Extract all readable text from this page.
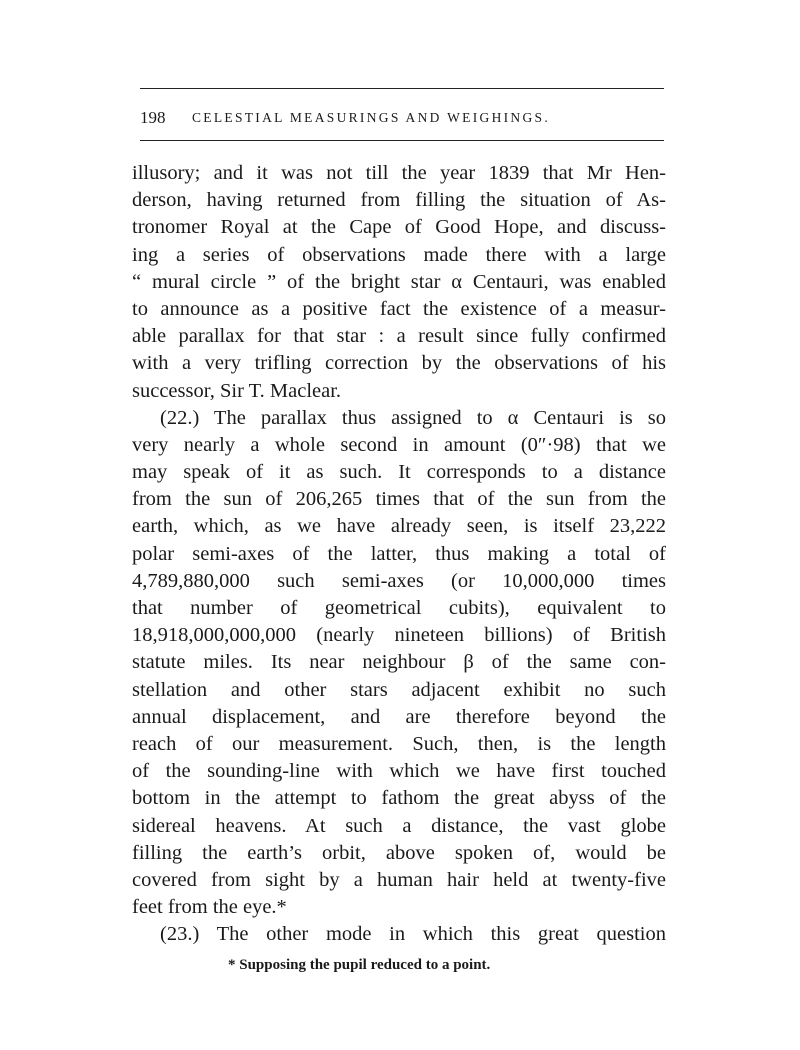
198 CELESTIAL MEASURINGS AND WEIGHINGS.
illusory; and it was not till the year 1839 that Mr Hen-
derson, having returned from filling the situation of As-
tronomer Royal at the Cape of Good Hope, and discuss-
ing a series of observations made there with a large
“ mural circle ” of the bright star α Centauri, was enabled
to announce as a positive fact the existence of a measur-
able parallax for that star : a result since fully confirmed
with a very trifling correction by the observations of his
successor, Sir T. Maclear.
(22.) The parallax thus assigned to α Centauri is so
very nearly a whole second in amount (0″·98) that we
may speak of it as such. It corresponds to a distance
from the sun of 206,265 times that of the sun from the
earth, which, as we have already seen, is itself 23,222
polar semi-axes of the latter, thus making a total of
4,789,880,000 such semi-axes (or 10,000,000 times
that number of geometrical cubits), equivalent to
18,918,000,000,000 (nearly nineteen billions) of British
statute miles. Its near neighbour β of the same con-
stellation and other stars adjacent exhibit no such
annual displacement, and are therefore beyond the
reach of our measurement. Such, then, is the length
of the sounding-line with which we have first touched
bottom in the attempt to fathom the great abyss of the
sidereal heavens. At such a distance, the vast globe
filling the earth’s orbit, above spoken of, would be
covered from sight by a human hair held at twenty-five
feet from the eye.*
(23.) The other mode in which this great question
* Supposing the pupil reduced to a point.
